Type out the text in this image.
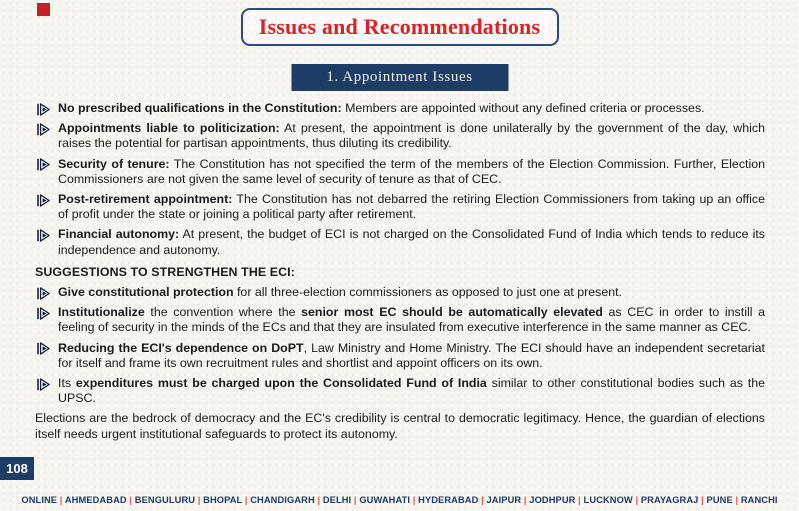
Issues and Recommendations
1. Appointment Issues
No prescribed qualifications in the Constitution: Members are appointed without any defined criteria or processes.
Appointments liable to politicization: At present, the appointment is done unilaterally by the government of the day, which raises the potential for partisan appointments, thus diluting its credibility.
Security of tenure: The Constitution has not specified the term of the members of the Election Commission. Further, Election Commissioners are not given the same level of security of tenure as that of CEC.
Post-retirement appointment: The Constitution has not debarred the retiring Election Commissioners from taking up an office of profit under the state or joining a political party after retirement.
Financial autonomy: At present, the budget of ECI is not charged on the Consolidated Fund of India which tends to reduce its independence and autonomy.
SUGGESTIONS TO STRENGTHEN THE ECI:
Give constitutional protection for all three-election commissioners as opposed to just one at present.
Institutionalize the convention where the senior most EC should be automatically elevated as CEC in order to instill a feeling of security in the minds of the ECs and that they are insulated from executive interference in the same manner as CEC.
Reducing the ECI's dependence on DoPT, Law Ministry and Home Ministry. The ECI should have an independent secretariat for itself and frame its own recruitment rules and shortlist and appoint officers on its own.
Its expenditures must be charged upon the Consolidated Fund of India similar to other constitutional bodies such as the UPSC.

Elections are the bedrock of democracy and the EC's credibility is central to democratic legitimacy. Hence, the guardian of elections itself needs urgent institutional safeguards to protect its autonomy.

108
ONLINE | AHMEDABAD | BENGULURU | BHOPAL | CHANDIGARH | DELHI | GUWAHATI | HYDERABAD | JAIPUR | JODHPUR | LUCKNOW | PRAYAGRAJ | PUNE | RANCHI
